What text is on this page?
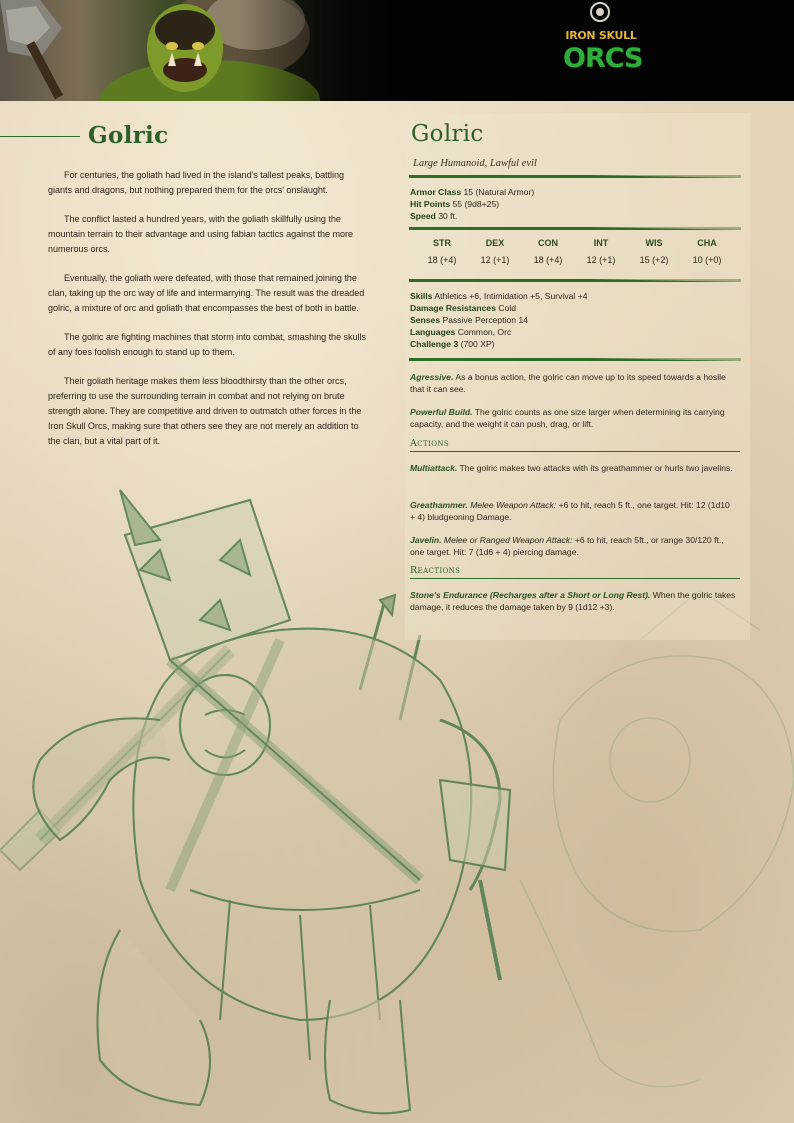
IRON SKULL
ORCS
Golric

For centuries, the goliath had lived in the island's tallest peaks, battling giants and dragons, but nothing prepared them for the orcs' onslaught.

The conflict lasted a hundred years, with the goliath skillfully using the mountain terrain to their advantage and using fabian tactics against the more numerous orcs.

Eventually, the goliath were defeated, with those that remained joining the clan, taking up the orc way of life and intermarrying. The result was the dreaded golric, a mixture of orc and goliath that encompasses the best of both in battle.

The golric are fighting machines that storm into combat, smashing the skulls of any foes foolish enough to stand up to them.

Their goliath heritage makes them less bloodthirsty than the other orcs, preferring to use the surrounding terrain in combat and not relying on brute strength alone. They are competitive and driven to outmatch other forces in the Iron Skull Orcs, making sure that others see they are not merely an addition to the clan, but a vital part of it.

Golric
Large Humanoid, Lawful evil
Armor Class 15 (Natural Armor)
Hit Points 55 (9d8+25)
Speed 30 ft.
STR
18 (+4)
DEX
12 (+1)
CON
18 (+4)
INT
12 (+1)
WIS
15 (+2)
CHA
10 (+0)
Skills Athletics +6, Intimidation +5, Survival +4
Damage Resistances Cold
Senses Passive Perception 14
Languages Common, Orc
Challenge 3 (700 XP)
Agressive. As a bonus action, the golric can move up to its speed towards a hosile that it can see.
Powerful Build. The golric counts as one size larger when determining its carrying capacity, and the weight it can push, drag, or lift.
Actions
Multiattack. The golric makes two attacks with its greathammer or hurls two javelins.
Greathammer. Melee Weapon Attack: +6 to hit, reach 5 ft., one target. Hit: 12 (1d10 + 4) bludgeoning Damage.
Javelin. Melee or Ranged Weapon Attack: +6 to hit, reach 5ft., or range 30/120 ft., one target. Hit: 7 (1d6 + 4) piercing damage.
Reactions
Stone's Endurance (Recharges after a Short or Long Rest). When the golric takes damage, it reduces the damage taken by 9 (1d12 +3).
